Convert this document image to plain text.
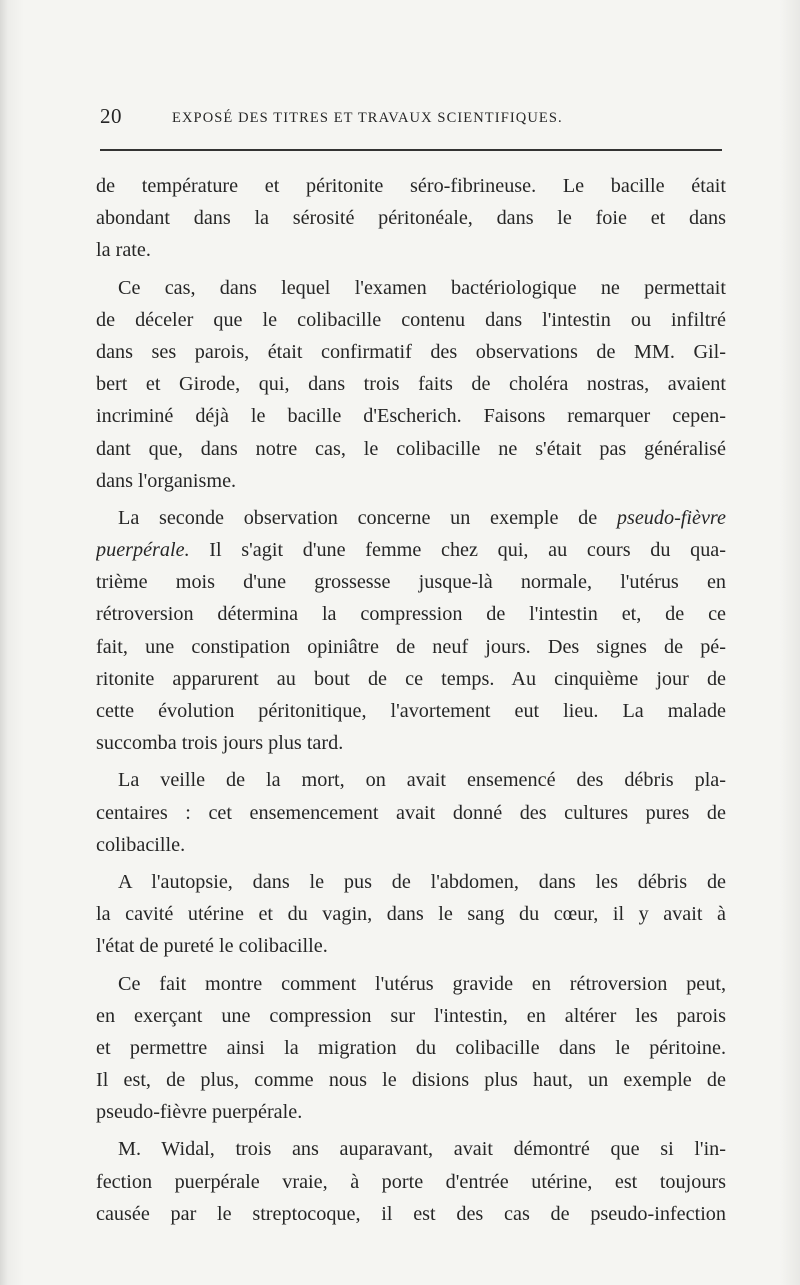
20	EXPOSÉ DES TITRES ET TRAVAUX SCIENTIFIQUES.
de température et péritonite séro-fibrineuse. Le bacille était
abondant dans la sérosité péritonéale, dans le foie et dans
la rate.
Ce cas, dans lequel l'examen bactériologique ne permettait
de déceler que le colibacille contenu dans l'intestin ou infiltré
dans ses parois, était confirmatif des observations de MM. Gil-
bert et Girode, qui, dans trois faits de choléra nostras, avaient
incriminé déjà le bacille d'Escherich. Faisons remarquer cepen-
dant que, dans notre cas, le colibacille ne s'était pas généralisé
dans l'organisme.
La seconde observation concerne un exemple de pseudo-fièvre
puerpérale. Il s'agit d'une femme chez qui, au cours du qua-
trième mois d'une grossesse jusque-là normale, l'utérus en
rétroversion détermina la compression de l'intestin et, de ce
fait, une constipation opiniâtre de neuf jours. Des signes de pé-
ritonite apparurent au bout de ce temps. Au cinquième jour de
cette évolution péritonitique, l'avortement eut lieu. La malade
succomba trois jours plus tard.
La veille de la mort, on avait ensemencé des débris pla-
centaires : cet ensemencement avait donné des cultures pures de
colibacille.
A l'autopsie, dans le pus de l'abdomen, dans les débris de
la cavité utérine et du vagin, dans le sang du cœur, il y avait à
l'état de pureté le colibacille.
Ce fait montre comment l'utérus gravide en rétroversion peut,
en exerçant une compression sur l'intestin, en altérer les parois
et permettre ainsi la migration du colibacille dans le péritoine.
Il est, de plus, comme nous le disions plus haut, un exemple de
pseudo-fièvre puerpérale.
M. Widal, trois ans auparavant, avait démontré que si l'in-
fection puerpérale vraie, à porte d'entrée utérine, est toujours
causée par le streptocoque, il est des cas de pseudo-infection
